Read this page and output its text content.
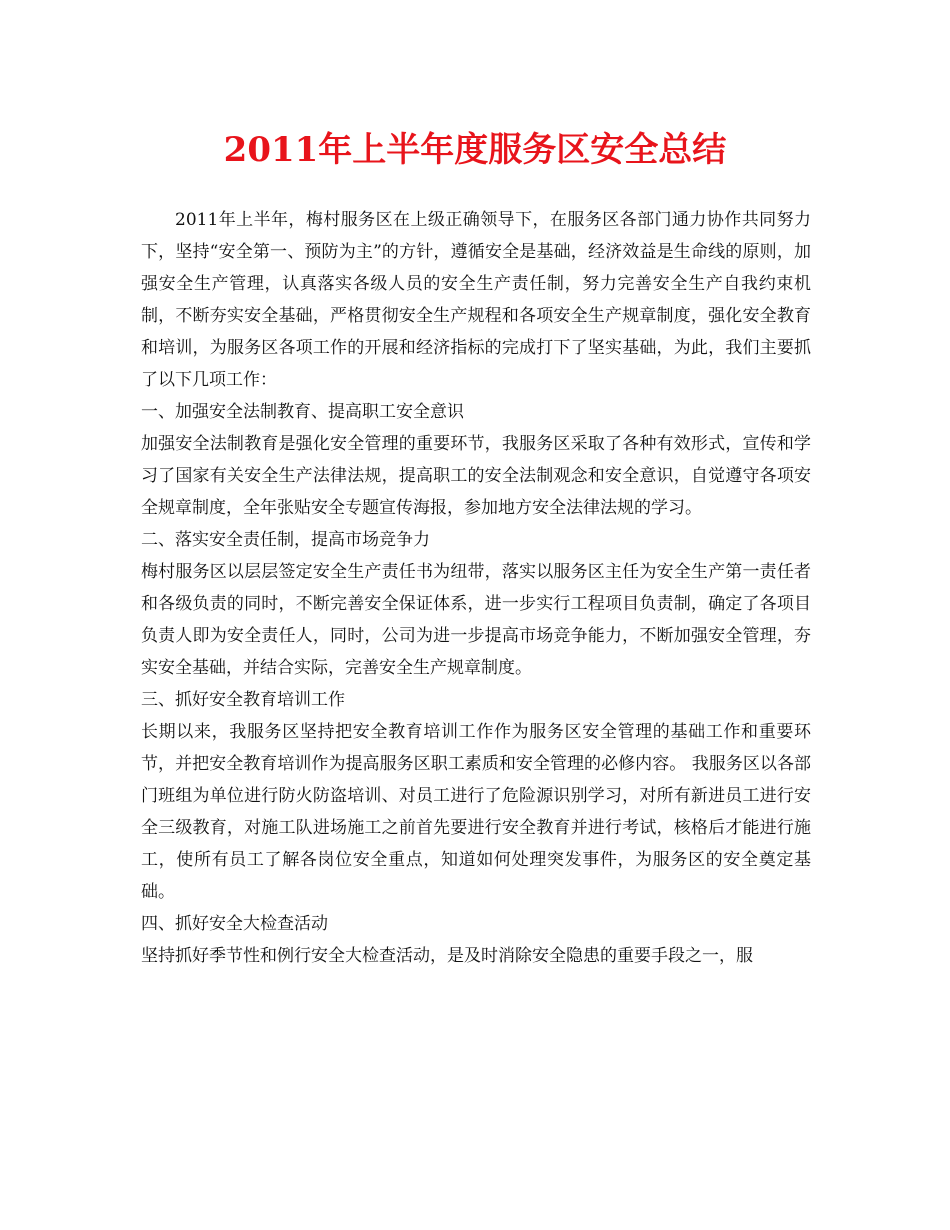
2011年上半年度服务区安全总结

2011年上半年，梅村服务区在上级正确领导下，在服务区各部门通力协作共同努力下，坚持“安全第一、预防为主”的方针，遵循安全是基础，经济效益是生命线的原则，加强安全生产管理，认真落实各级人员的安全生产责任制，努力完善安全生产自我约束机制，不断夯实安全基础，严格贯彻安全生产规程和各项安全生产规章制度，强化安全教育和培训，为服务区各项工作的开展和经济指标的完成打下了坚实基础，为此，我们主要抓了以下几项工作：

一、加强安全法制教育、提高职工安全意识

加强安全法制教育是强化安全管理的重要环节，我服务区采取了各种有效形式，宣传和学习了国家有关安全生产法律法规，提高职工的安全法制观念和安全意识，自觉遵守各项安全规章制度，全年张贴安全专题宣传海报，参加地方安全法律法规的学习。

二、落实安全责任制，提高市场竞争力

梅村服务区以层层签定安全生产责任书为纽带，落实以服务区主任为安全生产第一责任者和各级负责的同时，不断完善安全保证体系，进一步实行工程项目负责制，确定了各项目负责人即为安全责任人，同时，公司为进一步提高市场竞争能力，不断加强安全管理，夯实安全基础，并结合实际，完善安全生产规章制度。

三、抓好安全教育培训工作

长期以来，我服务区坚持把安全教育培训工作作为服务区安全管理的基础工作和重要环节，并把安全教育培训作为提高服务区职工素质和安全管理的必修内容。 我服务区以各部门班组为单位进行防火防盗培训、对员工进行了危险源识别学习，对所有新进员工进行安全三级教育，对施工队进场施工之前首先要进行安全教育并进行考试，核格后才能进行施工，使所有员工了解各岗位安全重点，知道如何处理突发事件，为服务区的安全奠定基础。

四、抓好安全大检查活动

坚持抓好季节性和例行安全大检查活动，是及时消除安全隐患的重要手段之一，服
